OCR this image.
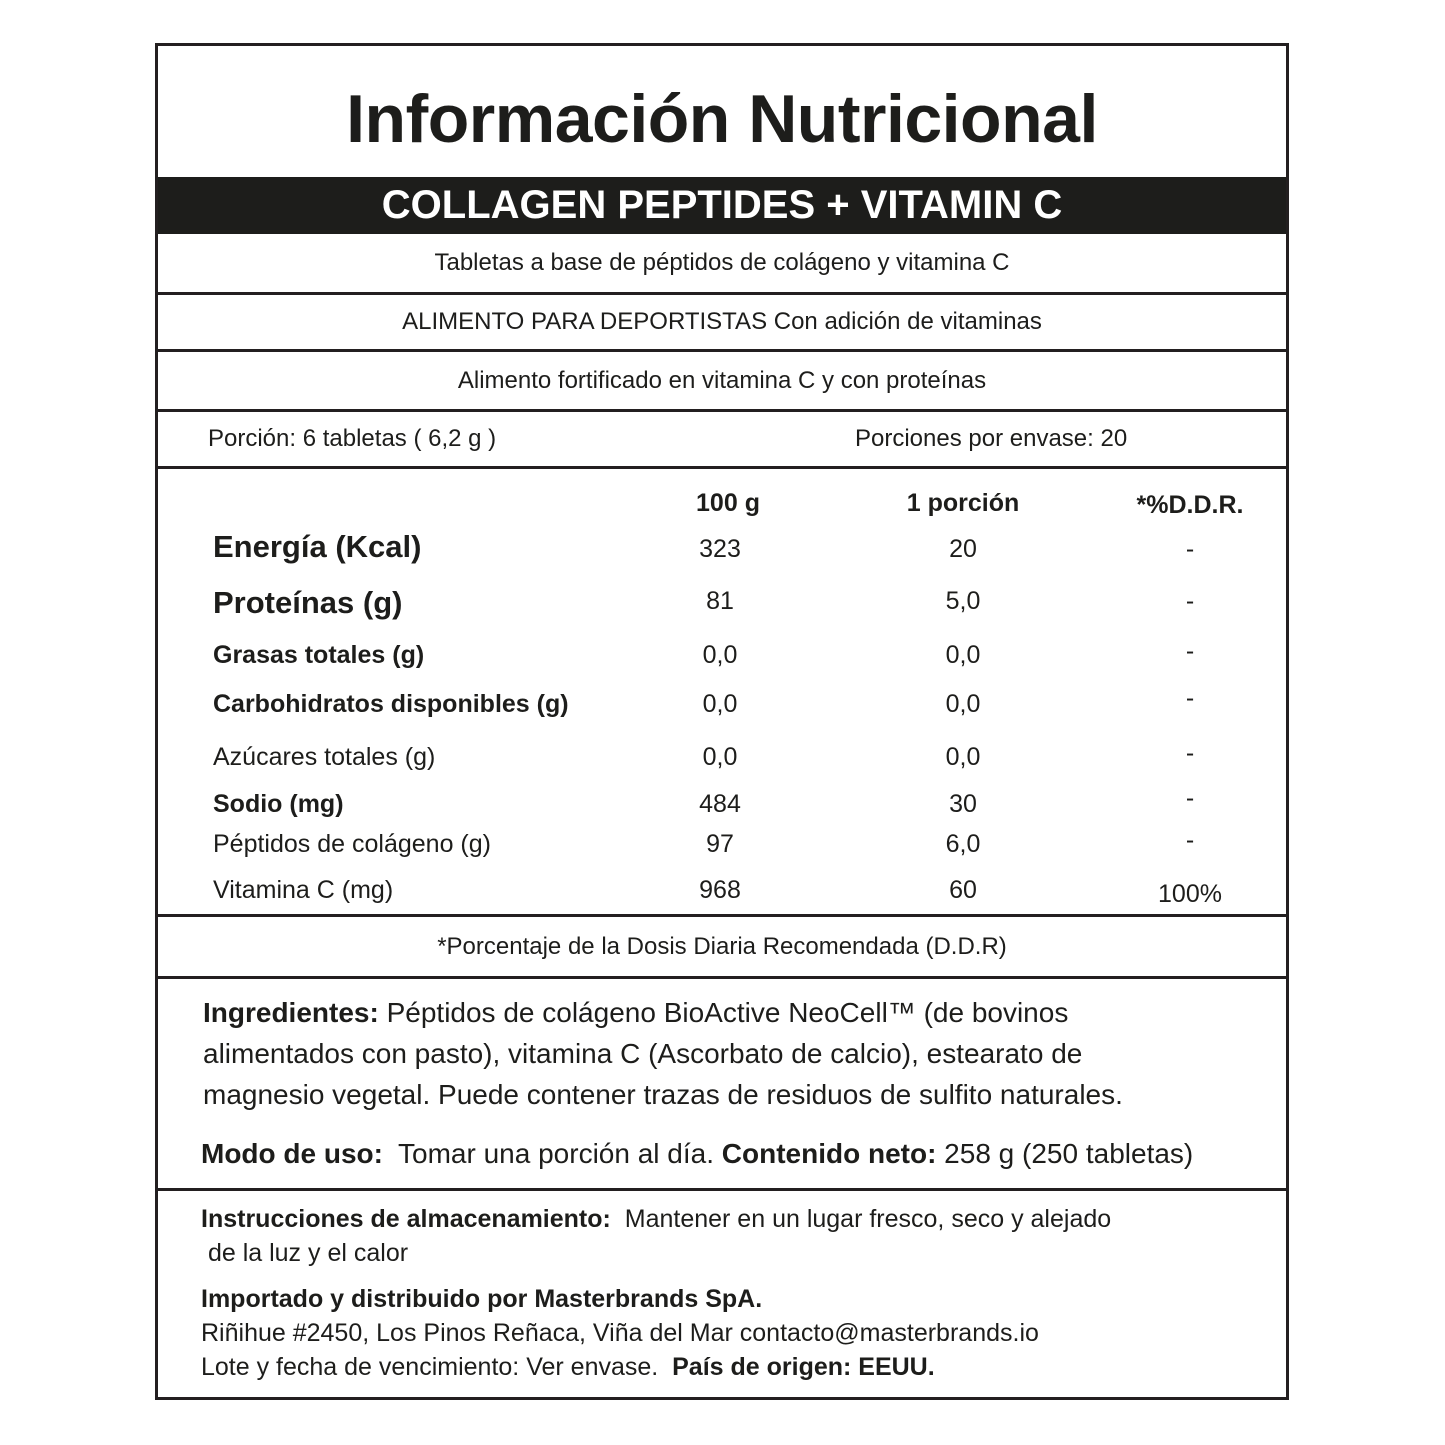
Información Nutricional
COLLAGEN PEPTIDES + VITAMIN C
Tabletas a base de péptidos de colágeno y vitamina C
ALIMENTO PARA DEPORTISTAS Con adición de vitaminas
Alimento fortificado en vitamina C y con proteínas
Porción: 6 tabletas ( 6,2 g )	Porciones por envase: 20
100 g	1 porción	*%D.D.R.
Energía (Kcal)	323	20	-
Proteínas (g)	81	5,0	-
Grasas totales (g)	0,0	0,0	-
Carbohidratos disponibles (g)	0,0	0,0	-
Azúcares totales (g)	0,0	0,0	-
Sodio (mg)	484	30	-
Péptidos de colágeno (g)	97	6,0	-
Vitamina C (mg)	968	60	100%
*Porcentaje de la Dosis Diaria Recomendada (D.D.R)
Ingredientes: Péptidos de colágeno BioActive NeoCell™ (de bovinos
alimentados con pasto), vitamina C (Ascorbato de calcio), estearato de
magnesio vegetal. Puede contener trazas de residuos de sulfito naturales.
Modo de uso:  Tomar una porción al día. Contenido neto: 258 g (250 tabletas)
Instrucciones de almacenamiento:  Mantener en un lugar fresco, seco y alejado
de la luz y el calor
Importado y distribuido por Masterbrands SpA.
Riñihue #2450, Los Pinos Reñaca, Viña del Mar contacto@masterbrands.io
Lote y fecha de vencimiento: Ver envase.  País de origen: EEUU.
